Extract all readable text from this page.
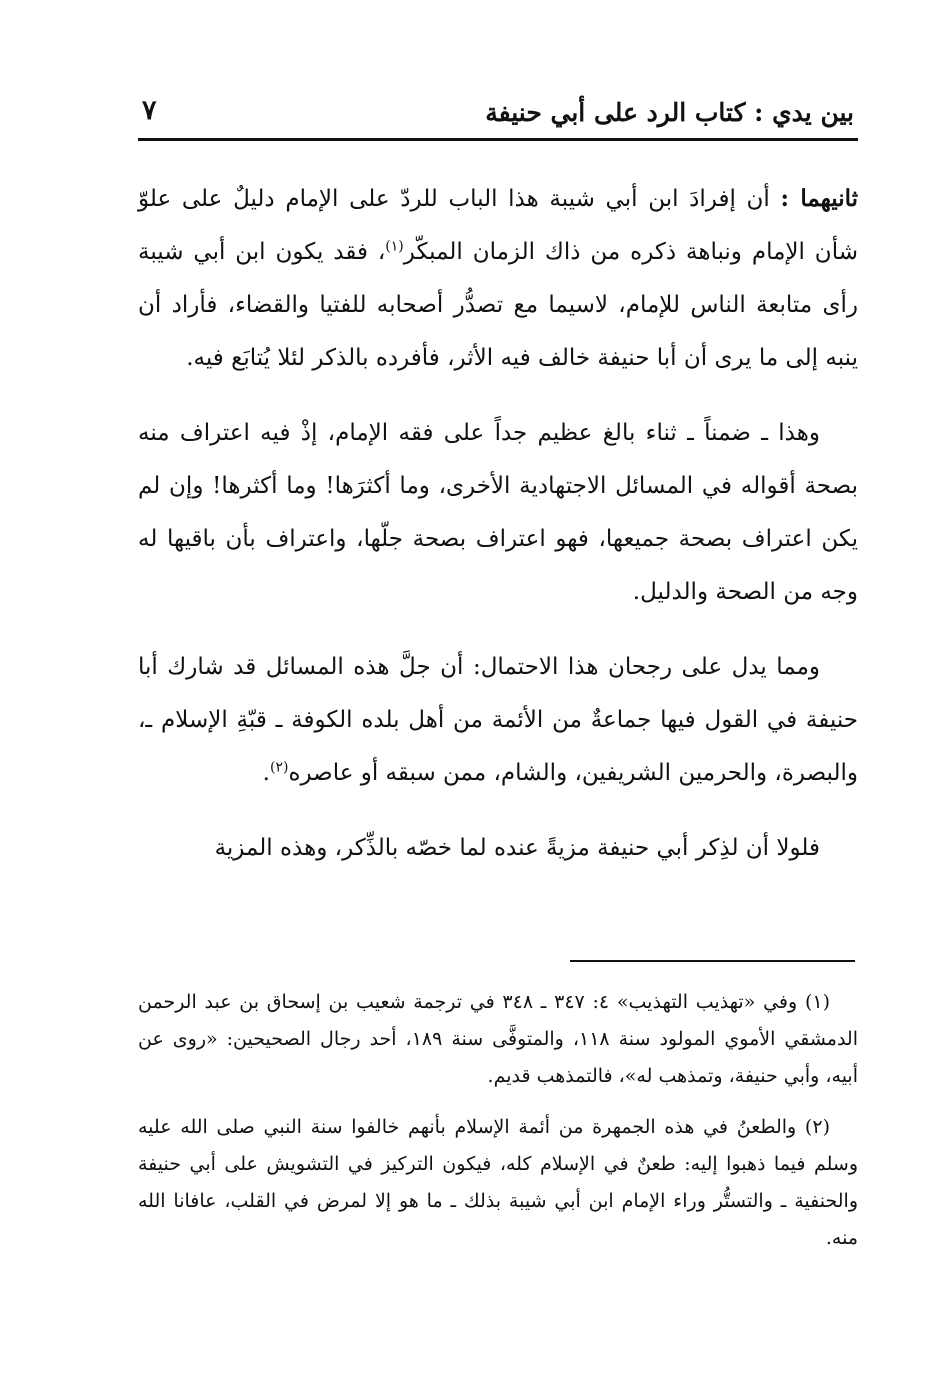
بين يدي : كتاب الرد على أبي حنيفة
٧

ثانيهما : أن إفرادَ ابن أبي شيبة هذا الباب للردّ على الإمام دليلٌ على علوّ شأن الإمام ونباهة ذكره من ذاك الزمان المبكّر$^{(١)}$، فقد يكون ابن أبي شيبة رأى متابعة الناس للإمام، لاسيما مع تصدُّر أصحابه للفتيا والقضاء، فأراد أن ينبه إلى ما يرى أن أبا حنيفة خالف فيه الأثر، فأفرده بالذكر لئلا يُتابَع فيه.

وهذا ـ ضمناً ـ ثناء بالغ عظيم جداً على فقه الإمام، إذْ فيه اعتراف منه بصحة أقواله في المسائل الاجتهادية الأخرى، وما أكثرَها! وما أكثرها! وإن لم يكن اعتراف بصحة جميعها، فهو اعتراف بصحة جلّها، واعتراف بأن باقيها له وجه من الصحة والدليل.

ومما يدل على رجحان هذا الاحتمال: أن جلَّ هذه المسائل قد شارك أبا حنيفة في القول فيها جماعةٌ من الأئمة من أهل بلده الكوفة ـ قبّةِ الإسلام ـ، والبصرة، والحرمين الشريفين، والشام، ممن سبقه أو عاصره$^{(٢)}$.

فلولا أن لذِكر أبي حنيفة مزيةً عنده لما خصّه بالذِّكر، وهذه المزية

(١) وفي «تهذيب التهذيب» ٤: ٣٤٧ ـ ٣٤٨ في ترجمة شعيب بن إسحاق بن عبد الرحمن الدمشقي الأموي المولود سنة ١١٨، والمتوفَّى سنة ١٨٩، أحد رجال الصحيحين: «روى عن أبيه، وأبي حنيفة، وتمذهب له»، فالتمذهب قديم.

(٢) والطعنُ في هذه الجمهرة من أئمة الإسلام بأنهم خالفوا سنة النبي صلى الله عليه وسلم فيما ذهبوا إليه: طعنٌ في الإسلام كله، فيكون التركيز في التشويش على أبي حنيفة والحنفية ـ والتستُّر وراء الإمام ابن أبي شيبة بذلك ـ ما هو إلا لمرض في القلب، عافانا الله منه.
